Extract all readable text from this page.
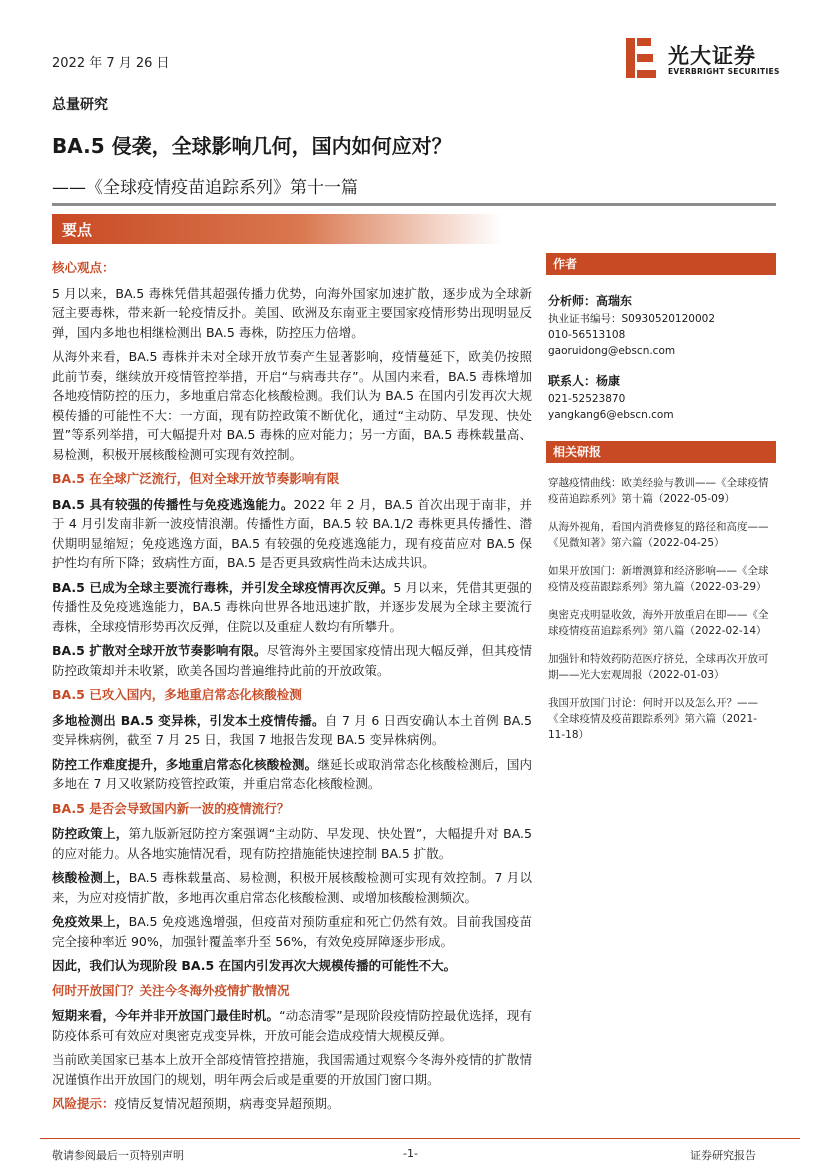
2022 年 7 月 26 日	光大证券
EVERBRIGHT SECURITIES
总量研究
BA.5 侵袭，全球影响几何，国内如何应对？
——《全球疫情疫苗追踪系列》第十一篇
要点

核心观点：

5 月以来，BA.5 毒株凭借其超强传播力优势，向海外国家加速扩散，逐步成为全球新冠主要毒株，带来新一轮疫情反扑。美国、欧洲及东南亚主要国家疫情形势出现明显反弹，国内多地也相继检测出 BA.5 毒株，防控压力倍增。

从海外来看，BA.5 毒株并未对全球开放节奏产生显著影响，疫情蔓延下，欧美仍按照此前节奏，继续放开疫情管控举措，开启“与病毒共存”。从国内来看，BA.5 毒株增加各地疫情防控的压力，多地重启常态化核酸检测。我们认为 BA.5 在国内引发再次大规模传播的可能性不大：一方面，现有防控政策不断优化，通过“主动防、早发现、快处置”等系列举措，可大幅提升对 BA.5 毒株的应对能力；另一方面，BA.5 毒株载量高、易检测，积极开展核酸检测可实现有效控制。

BA.5 在全球广泛流行，但对全球开放节奏影响有限

BA.5 具有较强的传播性与免疫逃逸能力。2022 年 2 月，BA.5 首次出现于南非，并于 4 月引发南非新一波疫情浪潮。传播性方面，BA.5 较 BA.1/2 毒株更具传播性、潜伏期明显缩短；免疫逃逸方面，BA.5 有较强的免疫逃逸能力，现有疫苗应对 BA.5 保护性均有所下降；致病性方面，BA.5 是否更具致病性尚未达成共识。

BA.5 已成为全球主要流行毒株，并引发全球疫情再次反弹。5 月以来，凭借其更强的传播性及免疫逃逸能力，BA.5 毒株向世界各地迅速扩散，并逐步发展为全球主要流行毒株，全球疫情形势再次反弹，住院以及重症人数均有所攀升。

BA.5 扩散对全球开放节奏影响有限。尽管海外主要国家疫情出现大幅反弹，但其疫情防控政策却并未收紧，欧美各国均普遍维持此前的开放政策。

BA.5 已攻入国内，多地重启常态化核酸检测

多地检测出 BA.5 变异株，引发本土疫情传播。自 7 月 6 日西安确认本土首例 BA.5 变异株病例，截至 7 月 25 日，我国 7 地报告发现 BA.5 变异株病例。

防控工作难度提升，多地重启常态化核酸检测。继延长或取消常态化核酸检测后，国内多地在 7 月又收紧防疫管控政策，并重启常态化核酸检测。

BA.5 是否会导致国内新一波的疫情流行？

防控政策上，第九版新冠防控方案强调“主动防、早发现、快处置”，大幅提升对 BA.5 的应对能力。从各地实施情况看，现有防控措施能快速控制 BA.5 扩散。

核酸检测上，BA.5 毒株载量高、易检测，积极开展核酸检测可实现有效控制。7 月以来，为应对疫情扩散，多地再次重启常态化核酸检测、或增加核酸检测频次。

免疫效果上，BA.5 免疫逃逸增强，但疫苗对预防重症和死亡仍然有效。目前我国疫苗完全接种率近 90%，加强针覆盖率升至 56%，有效免疫屏障逐步形成。

因此，我们认为现阶段 BA.5 在国内引发再次大规模传播的可能性不大。

何时开放国门？关注今冬海外疫情扩散情况

短期来看，今年并非开放国门最佳时机。“动态清零”是现阶段疫情防控最优选择，现有防疫体系可有效应对奥密克戎变异株，开放可能会造成疫情大规模反弹。

当前欧美国家已基本上放开全部疫情管控措施，我国需通过观察今冬海外疫情的扩散情况谨慎作出开放国门的规划，明年两会后或是重要的开放国门窗口期。

风险提示：疫情反复情况超预期，病毒变异超预期。

作者
分析师：高瑞东
执业证书编号：S0930520120002
010-56513108
gaoruidong@ebscn.com
联系人：杨康
021-52523870
yangkang6@ebscn.com
相关研报
穿越疫情曲线：欧美经验与教训——《全球疫情疫苗追踪系列》第十篇（2022-05-09）
从海外视角，看国内消费修复的路径和高度——《见微知著》第六篇（2022-04-25）
如果开放国门：新增测算和经济影响——《全球疫情及疫苗跟踪系列》第九篇（2022-03-29）
奥密克戎明显收敛，海外开放重启在即——《全球疫情疫苗追踪系列》第八篇（2022-02-14）
加强针和特效药防范医疗挤兑，全球再次开放可期——光大宏观周报（2022-01-03）
我国开放国门讨论：何时开以及怎么开？——《全球疫情及疫苗跟踪系列》第六篇（2021-11-18）
敬请参阅最后一页特别声明	-1-	证券研究报告
